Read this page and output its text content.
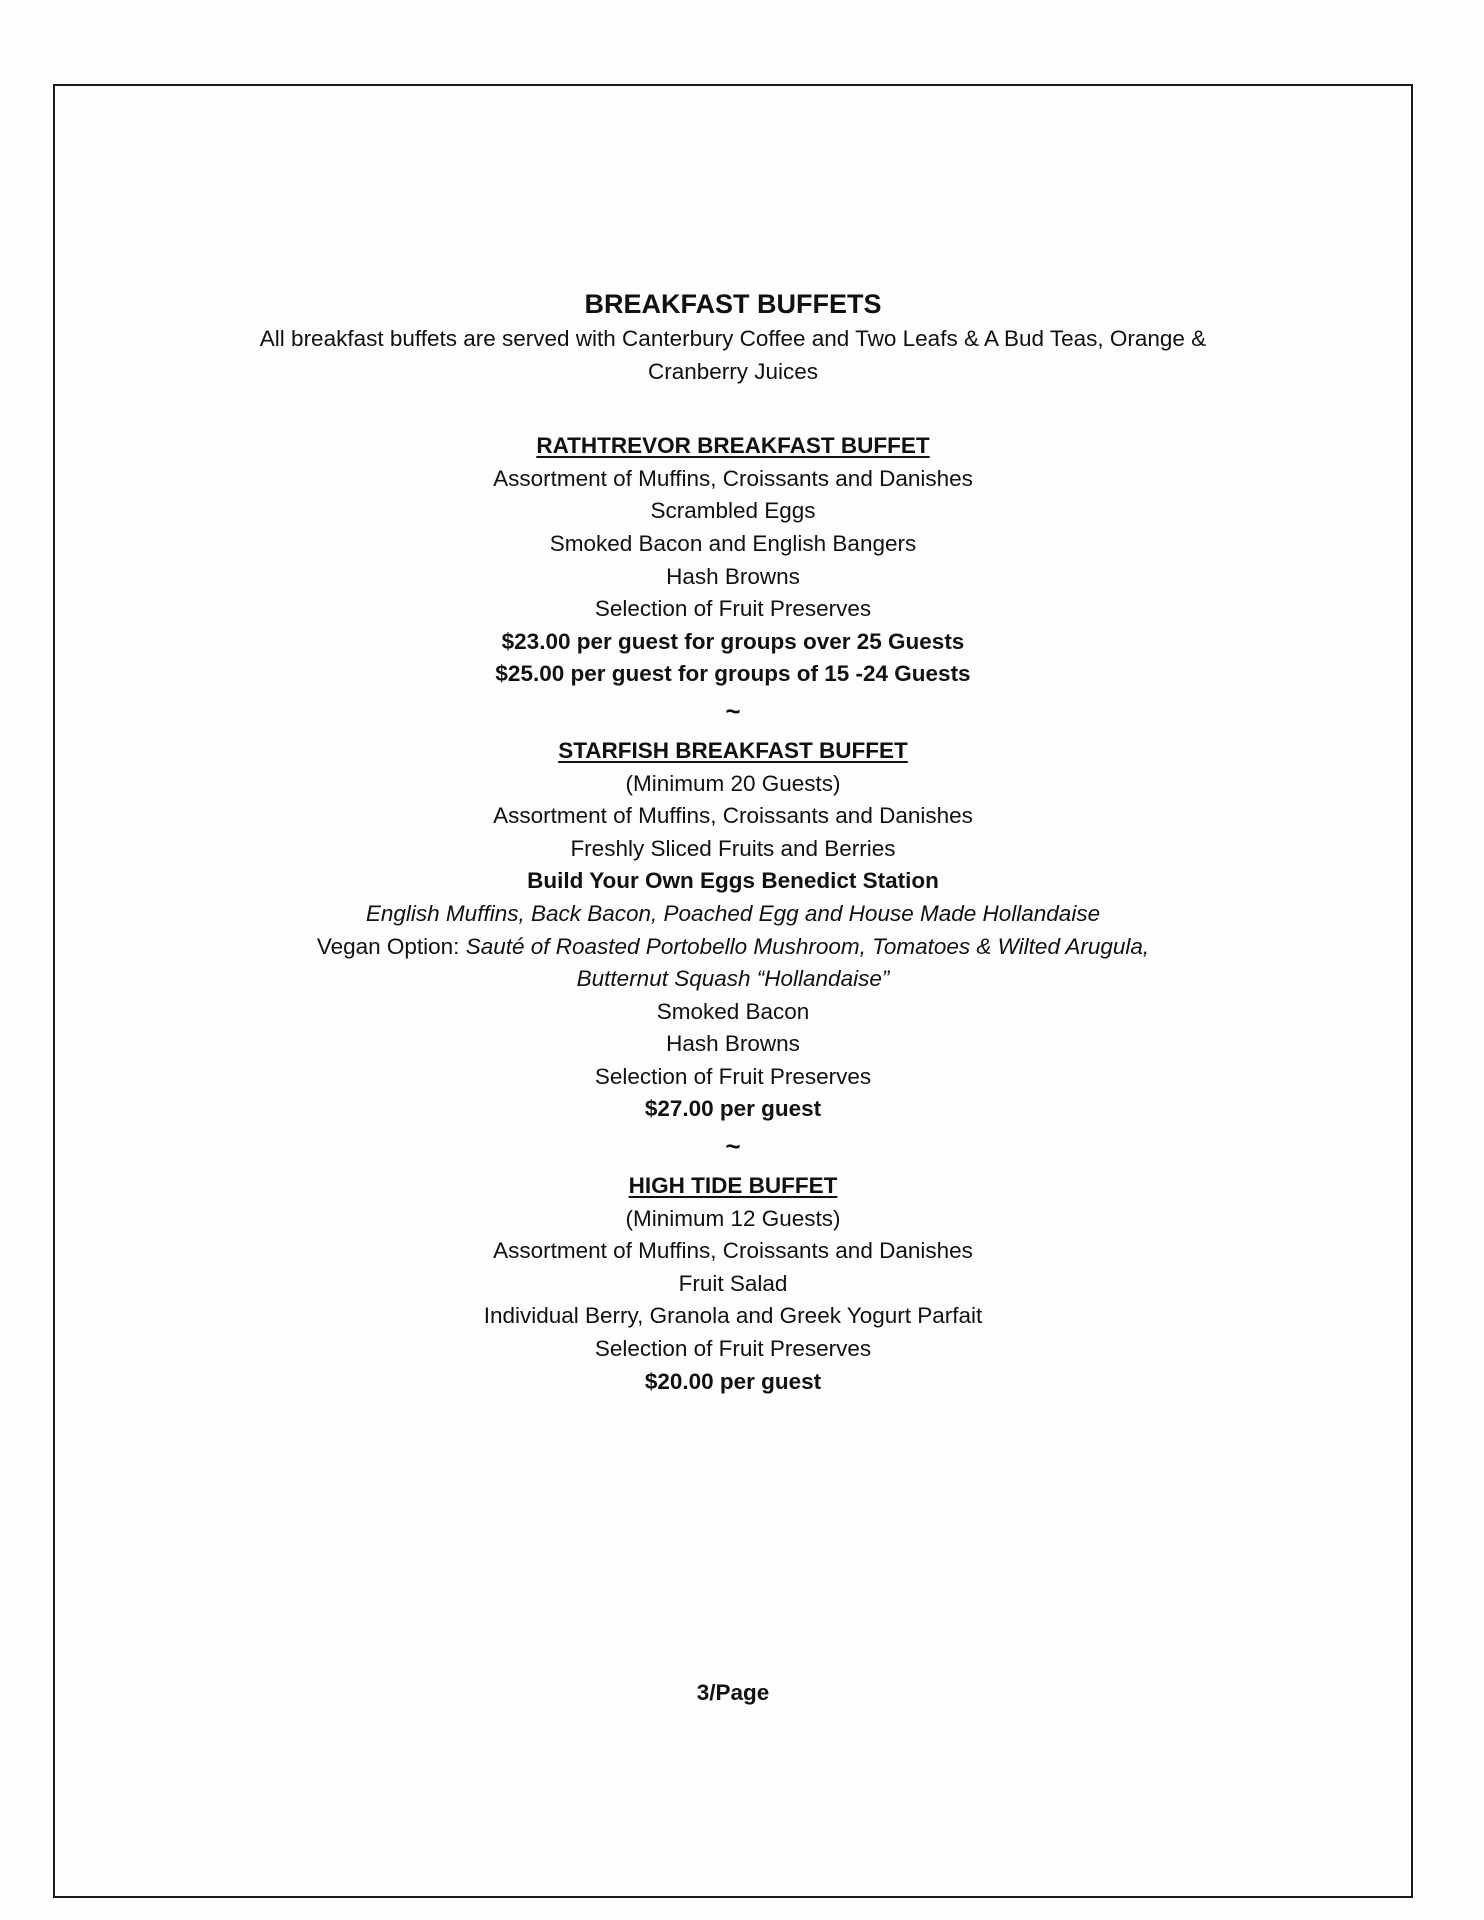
BREAKFAST BUFFETS
All breakfast buffets are served with Canterbury Coffee and Two Leafs & A Bud Teas, Orange &
Cranberry Juices
RATHTREVOR BREAKFAST BUFFET
Assortment of Muffins, Croissants and Danishes
Scrambled Eggs
Smoked Bacon and English Bangers
Hash Browns
Selection of Fruit Preserves
$23.00 per guest for groups over 25 Guests
$25.00 per guest for groups of 15 -24 Guests
~
STARFISH BREAKFAST BUFFET
(Minimum 20 Guests)
Assortment of Muffins, Croissants and Danishes
Freshly Sliced Fruits and Berries
Build Your Own Eggs Benedict Station
English Muffins, Back Bacon, Poached Egg and House Made Hollandaise
Vegan Option: Sauté of Roasted Portobello Mushroom, Tomatoes & Wilted Arugula,
Butternut Squash “Hollandaise”
Smoked Bacon
Hash Browns
Selection of Fruit Preserves
$27.00 per guest
~
HIGH TIDE BUFFET
(Minimum 12 Guests)
Assortment of Muffins, Croissants and Danishes
Fruit Salad
Individual Berry, Granola and Greek Yogurt Parfait
Selection of Fruit Preserves
$20.00 per guest
3/Page
